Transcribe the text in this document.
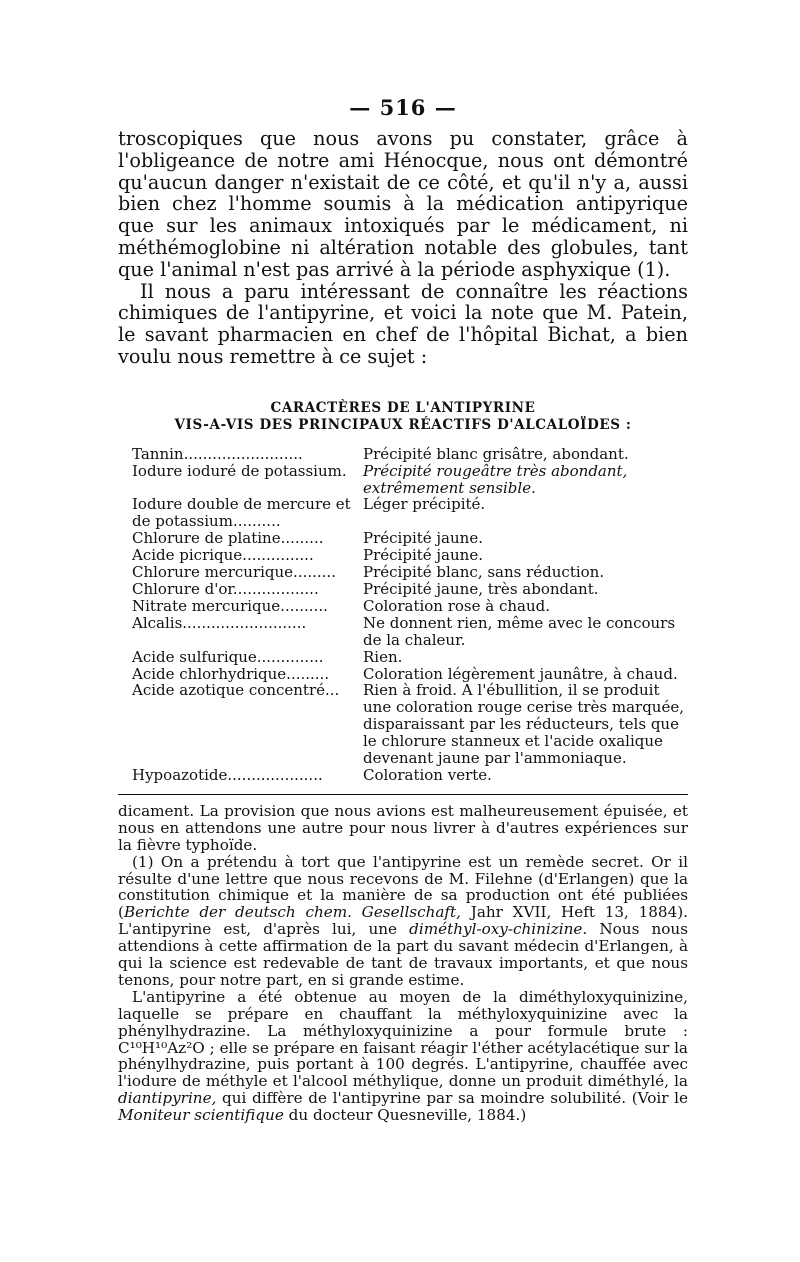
— 516 —

troscopiques que nous avons pu constater, grâce à l'obligeance de notre ami Hénocque, nous ont démontré qu'aucun danger n'existait de ce côté, et qu'il n'y a, aussi bien chez l'homme soumis à la médication antipyrique que sur les animaux intoxiqués par le médicament, ni méthémoglobine ni altération notable des globules, tant que l'animal n'est pas arrivé à la période asphyxique (1).

Il nous a paru intéressant de connaître les réactions chimiques de l'antipyrine, et voici la note que M. Patein, le savant pharmacien en chef de l'hôpital Bichat, a bien voulu nous remettre à ce sujet :

CARACTÈRES DE L'ANTIPYRINE
VIS-A-VIS DES PRINCIPAUX RÉACTIFS D'ALCALOÏDES :
Tannin.........................	Précipité blanc grisâtre, abondant.
Iodure ioduré de potassium.	Précipité rougeâtre très abondant, extrêmement sensible.
Iodure double de mercure et de potassium..........	Léger précipité.
Chlorure de platine.........	Précipité jaune.
Acide picrique...............	Précipité jaune.
Chlorure mercurique.........	Précipité blanc, sans réduction.
Chlorure d'or..................	Précipité jaune, très abondant.
Nitrate mercurique..........	Coloration rose à chaud.
Alcalis..........................	Ne donnent rien, même avec le concours de la chaleur.
Acide sulfurique..............	Rien.
Acide chlorhydrique.........	Coloration légèrement jaunâtre, à chaud.
Acide azotique concentré...	Rien à froid. A l'ébullition, il se produit une coloration rouge cerise très marquée, disparaissant par les réducteurs, tels que le chlorure stanneux et l'acide oxalique devenant jaune par l'ammoniaque.
Hypoazotide....................	Coloration verte.

dicament. La provision que nous avions est malheureusement épuisée, et nous en attendons une autre pour nous livrer à d'autres expériences sur la fièvre typhoïde.

(1) On a prétendu à tort que l'antipyrine est un remède secret. Or il résulte d'une lettre que nous recevons de M. Filehne (d'Erlangen) que la constitution chimique et la manière de sa production ont été publiées (Berichte der deutsch chem. Gesellschaft, Jahr XVII, Heft 13, 1884). L'antipyrine est, d'après lui, une diméthyl-oxy-chinizine. Nous nous attendions à cette affirmation de la part du savant médecin d'Erlangen, à qui la science est redevable de tant de travaux importants, et que nous tenons, pour notre part, en si grande estime.

L'antipyrine a été obtenue au moyen de la diméthyloxyquinizine, laquelle se prépare en chauffant la méthyloxyquinizine avec la phénylhydrazine. La méthyloxyquinizine a pour formule brute : C¹⁰H¹⁰Az²O ; elle se prépare en faisant réagir l'éther acétylacétique sur la phénylhydrazine, puis portant à 100 degrés. L'antipyrine, chauffée avec l'iodure de méthyle et l'alcool méthylique, donne un produit diméthylé, la diantipyrine, qui diffère de l'antipyrine par sa moindre solubilité. (Voir le Moniteur scientifique du docteur Quesneville, 1884.)
